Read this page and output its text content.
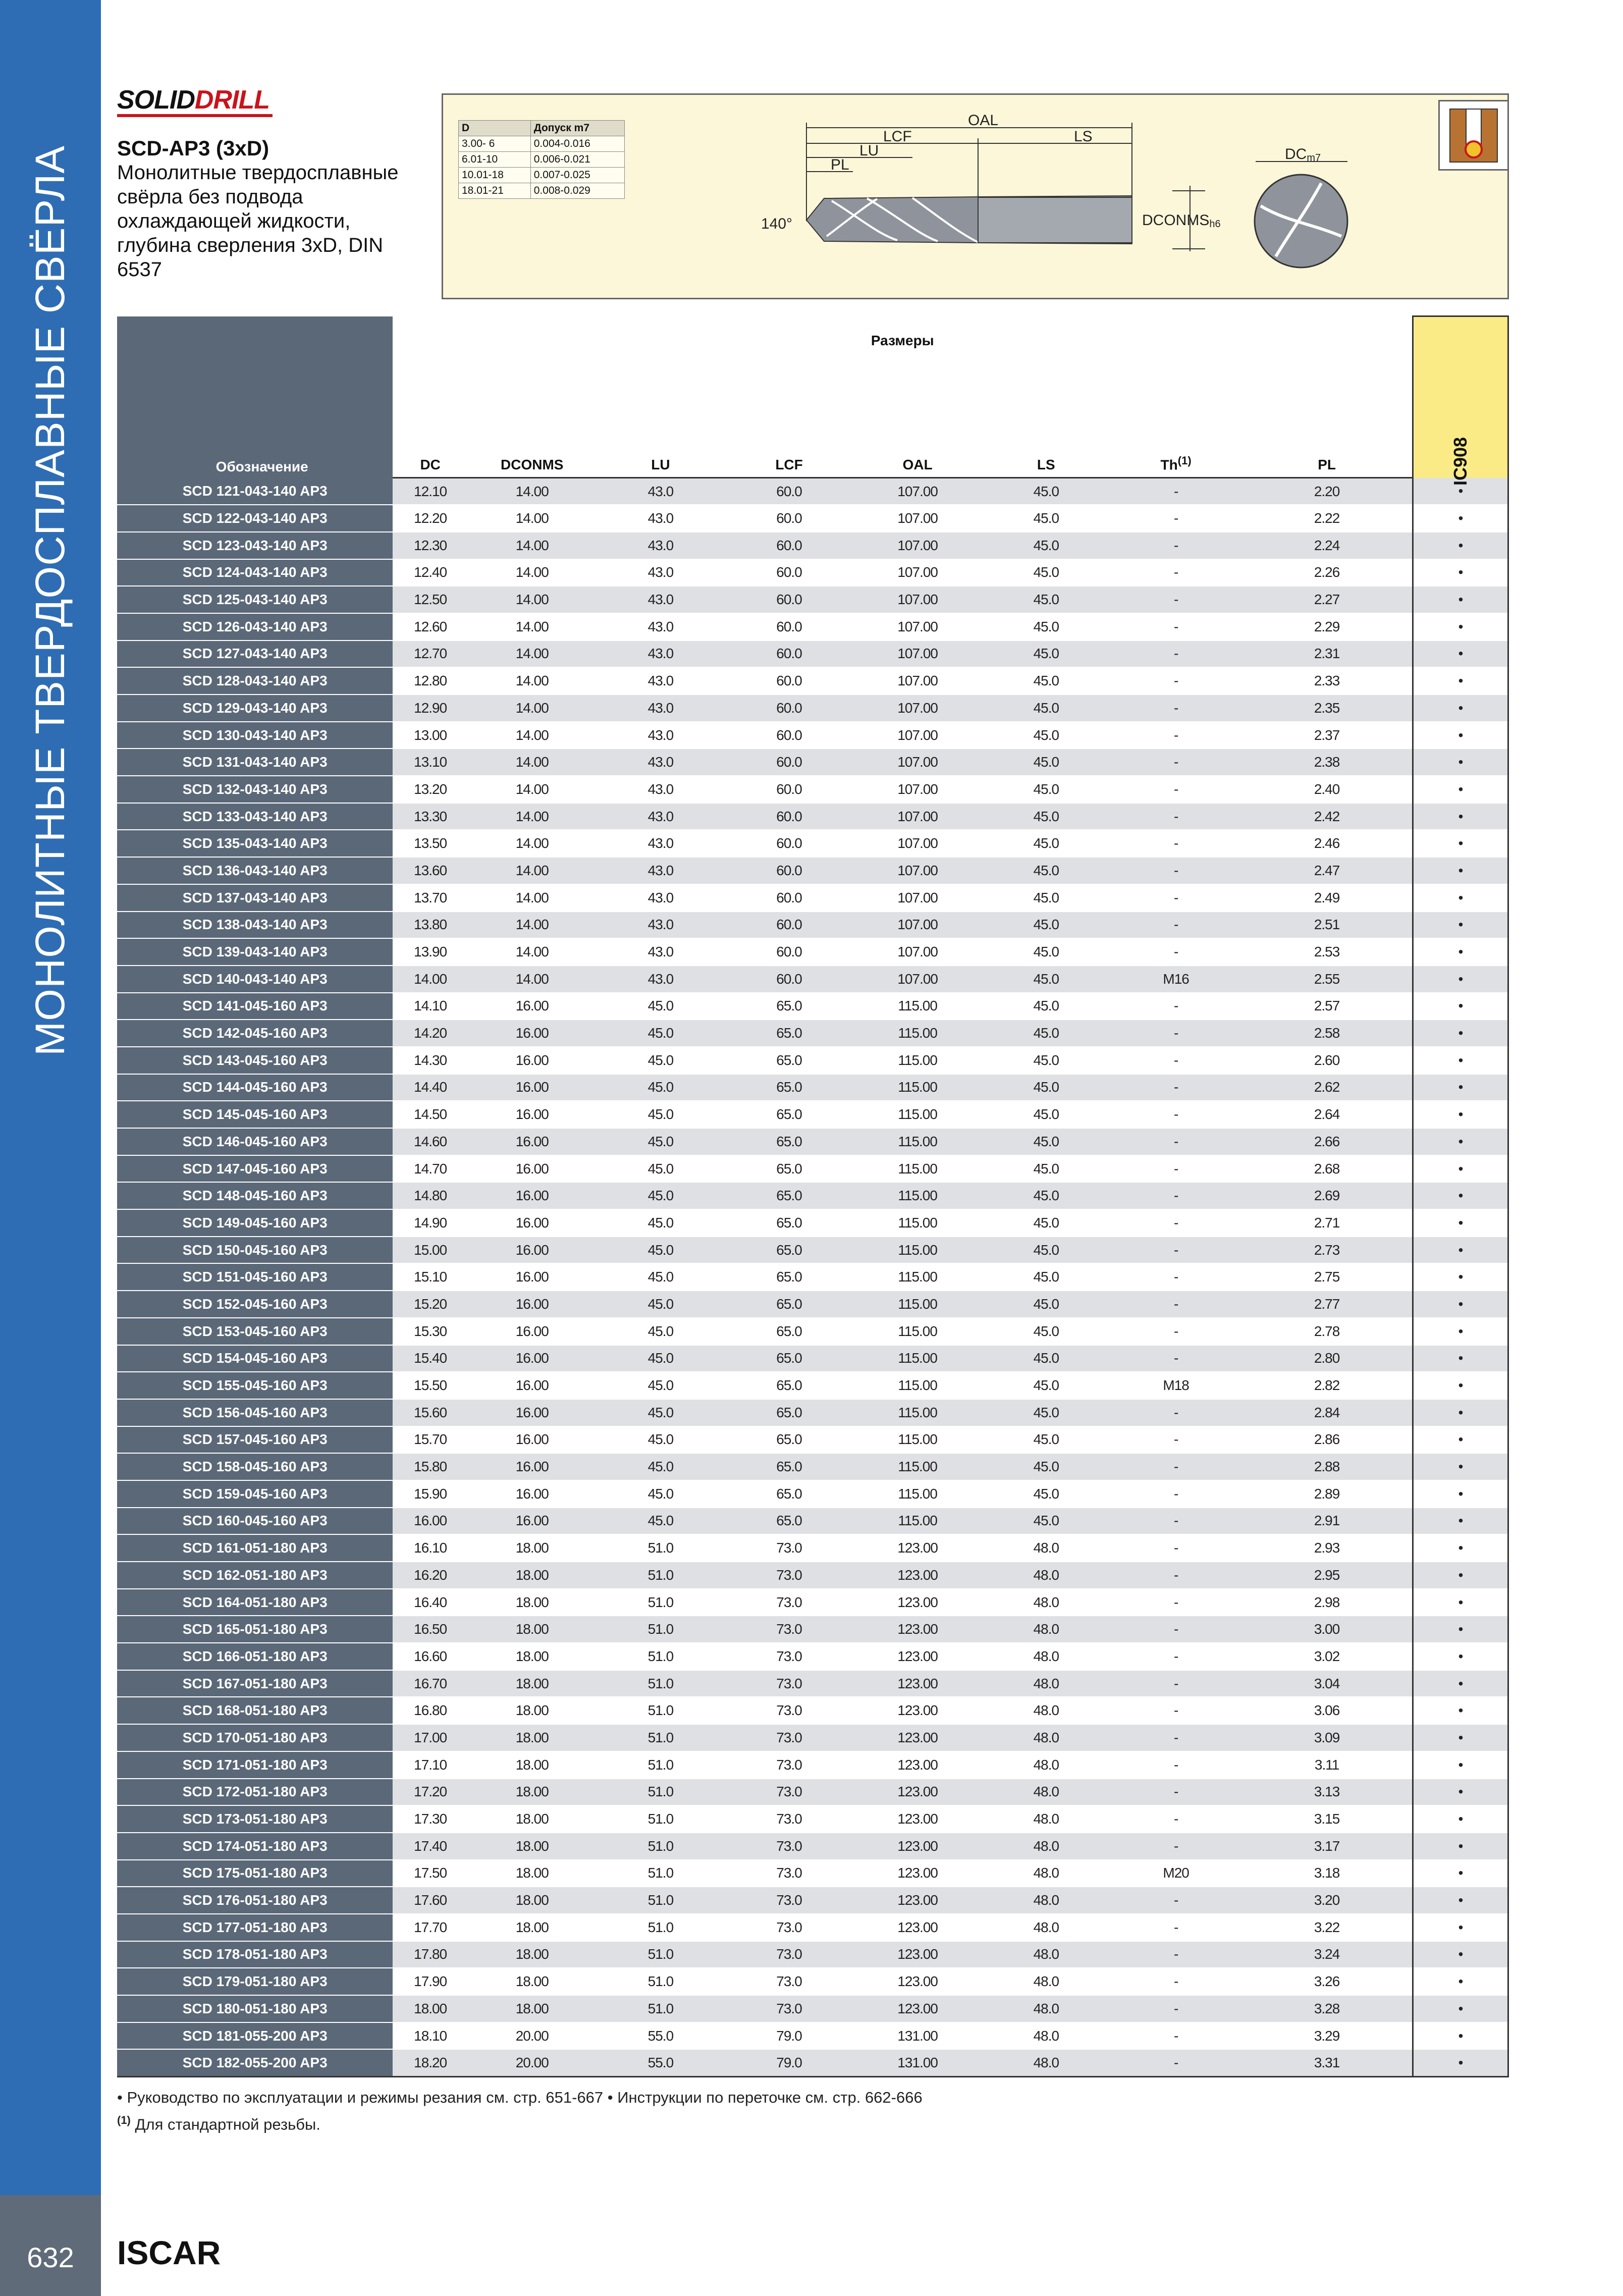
МОНОЛИТНЫЕ ТВЕРДОСПЛАВНЫЕ СВЁРЛА
632	ISCAR
SOLIDDRILL
SCD-AP3 (3xD)
Монолитные твердосплавные свёрла без подвода охлаждающей жидкости, глубина сверления 3xD, DIN 6537
D	Допуск m7
3.00- 6	0.004-0.016
6.01-10	0.006-0.021
10.01-18	0.007-0.025
18.01-21	0.008-0.029
OAL
LCF	LS
LU
PL
140°	DCONMSh6
DCm7
Обозначение	Размеры								IC908
	DC	DCONMS	LU	LCF	OAL	LS	Th$^{(1)}$	PL	
SCD 121-043-140 AP3	12.10	14.00	43.0	60.0	107.00	45.0	-	2.20	•
SCD 122-043-140 AP3	12.20	14.00	43.0	60.0	107.00	45.0	-	2.22	•
SCD 123-043-140 AP3	12.30	14.00	43.0	60.0	107.00	45.0	-	2.24	•
SCD 124-043-140 AP3	12.40	14.00	43.0	60.0	107.00	45.0	-	2.26	•
SCD 125-043-140 AP3	12.50	14.00	43.0	60.0	107.00	45.0	-	2.27	•
SCD 126-043-140 AP3	12.60	14.00	43.0	60.0	107.00	45.0	-	2.29	•
SCD 127-043-140 AP3	12.70	14.00	43.0	60.0	107.00	45.0	-	2.31	•
SCD 128-043-140 AP3	12.80	14.00	43.0	60.0	107.00	45.0	-	2.33	•
SCD 129-043-140 AP3	12.90	14.00	43.0	60.0	107.00	45.0	-	2.35	•
SCD 130-043-140 AP3	13.00	14.00	43.0	60.0	107.00	45.0	-	2.37	•
SCD 131-043-140 AP3	13.10	14.00	43.0	60.0	107.00	45.0	-	2.38	•
SCD 132-043-140 AP3	13.20	14.00	43.0	60.0	107.00	45.0	-	2.40	•
SCD 133-043-140 AP3	13.30	14.00	43.0	60.0	107.00	45.0	-	2.42	•
SCD 135-043-140 AP3	13.50	14.00	43.0	60.0	107.00	45.0	-	2.46	•
SCD 136-043-140 AP3	13.60	14.00	43.0	60.0	107.00	45.0	-	2.47	•
SCD 137-043-140 AP3	13.70	14.00	43.0	60.0	107.00	45.0	-	2.49	•
SCD 138-043-140 AP3	13.80	14.00	43.0	60.0	107.00	45.0	-	2.51	•
SCD 139-043-140 AP3	13.90	14.00	43.0	60.0	107.00	45.0	-	2.53	•
SCD 140-043-140 AP3	14.00	14.00	43.0	60.0	107.00	45.0	M16	2.55	•
SCD 141-045-160 AP3	14.10	16.00	45.0	65.0	115.00	45.0	-	2.57	•
SCD 142-045-160 AP3	14.20	16.00	45.0	65.0	115.00	45.0	-	2.58	•
SCD 143-045-160 AP3	14.30	16.00	45.0	65.0	115.00	45.0	-	2.60	•
SCD 144-045-160 AP3	14.40	16.00	45.0	65.0	115.00	45.0	-	2.62	•
SCD 145-045-160 AP3	14.50	16.00	45.0	65.0	115.00	45.0	-	2.64	•
SCD 146-045-160 AP3	14.60	16.00	45.0	65.0	115.00	45.0	-	2.66	•
SCD 147-045-160 AP3	14.70	16.00	45.0	65.0	115.00	45.0	-	2.68	•
SCD 148-045-160 AP3	14.80	16.00	45.0	65.0	115.00	45.0	-	2.69	•
SCD 149-045-160 AP3	14.90	16.00	45.0	65.0	115.00	45.0	-	2.71	•
SCD 150-045-160 AP3	15.00	16.00	45.0	65.0	115.00	45.0	-	2.73	•
SCD 151-045-160 AP3	15.10	16.00	45.0	65.0	115.00	45.0	-	2.75	•
SCD 152-045-160 AP3	15.20	16.00	45.0	65.0	115.00	45.0	-	2.77	•
SCD 153-045-160 AP3	15.30	16.00	45.0	65.0	115.00	45.0	-	2.78	•
SCD 154-045-160 AP3	15.40	16.00	45.0	65.0	115.00	45.0	-	2.80	•
SCD 155-045-160 AP3	15.50	16.00	45.0	65.0	115.00	45.0	M18	2.82	•
SCD 156-045-160 AP3	15.60	16.00	45.0	65.0	115.00	45.0	-	2.84	•
SCD 157-045-160 AP3	15.70	16.00	45.0	65.0	115.00	45.0	-	2.86	•
SCD 158-045-160 AP3	15.80	16.00	45.0	65.0	115.00	45.0	-	2.88	•
SCD 159-045-160 AP3	15.90	16.00	45.0	65.0	115.00	45.0	-	2.89	•
SCD 160-045-160 AP3	16.00	16.00	45.0	65.0	115.00	45.0	-	2.91	•
SCD 161-051-180 AP3	16.10	18.00	51.0	73.0	123.00	48.0	-	2.93	•
SCD 162-051-180 AP3	16.20	18.00	51.0	73.0	123.00	48.0	-	2.95	•
SCD 164-051-180 AP3	16.40	18.00	51.0	73.0	123.00	48.0	-	2.98	•
SCD 165-051-180 AP3	16.50	18.00	51.0	73.0	123.00	48.0	-	3.00	•
SCD 166-051-180 AP3	16.60	18.00	51.0	73.0	123.00	48.0	-	3.02	•
SCD 167-051-180 AP3	16.70	18.00	51.0	73.0	123.00	48.0	-	3.04	•
SCD 168-051-180 AP3	16.80	18.00	51.0	73.0	123.00	48.0	-	3.06	•
SCD 170-051-180 AP3	17.00	18.00	51.0	73.0	123.00	48.0	-	3.09	•
SCD 171-051-180 AP3	17.10	18.00	51.0	73.0	123.00	48.0	-	3.11	•
SCD 172-051-180 AP3	17.20	18.00	51.0	73.0	123.00	48.0	-	3.13	•
SCD 173-051-180 AP3	17.30	18.00	51.0	73.0	123.00	48.0	-	3.15	•
SCD 174-051-180 AP3	17.40	18.00	51.0	73.0	123.00	48.0	-	3.17	•
SCD 175-051-180 AP3	17.50	18.00	51.0	73.0	123.00	48.0	M20	3.18	•
SCD 176-051-180 AP3	17.60	18.00	51.0	73.0	123.00	48.0	-	3.20	•
SCD 177-051-180 AP3	17.70	18.00	51.0	73.0	123.00	48.0	-	3.22	•
SCD 178-051-180 AP3	17.80	18.00	51.0	73.0	123.00	48.0	-	3.24	•
SCD 179-051-180 AP3	17.90	18.00	51.0	73.0	123.00	48.0	-	3.26	•
SCD 180-051-180 AP3	18.00	18.00	51.0	73.0	123.00	48.0	-	3.28	•
SCD 181-055-200 AP3	18.10	20.00	55.0	79.0	131.00	48.0	-	3.29	•
SCD 182-055-200 AP3	18.20	20.00	55.0	79.0	131.00	48.0	-	3.31	•
• Руководство по эксплуатации и режимы резания см. стр. 651-667 • Инструкции по переточке см. стр. 662-666
$^{(1)}$ Для стандартной резьбы.
